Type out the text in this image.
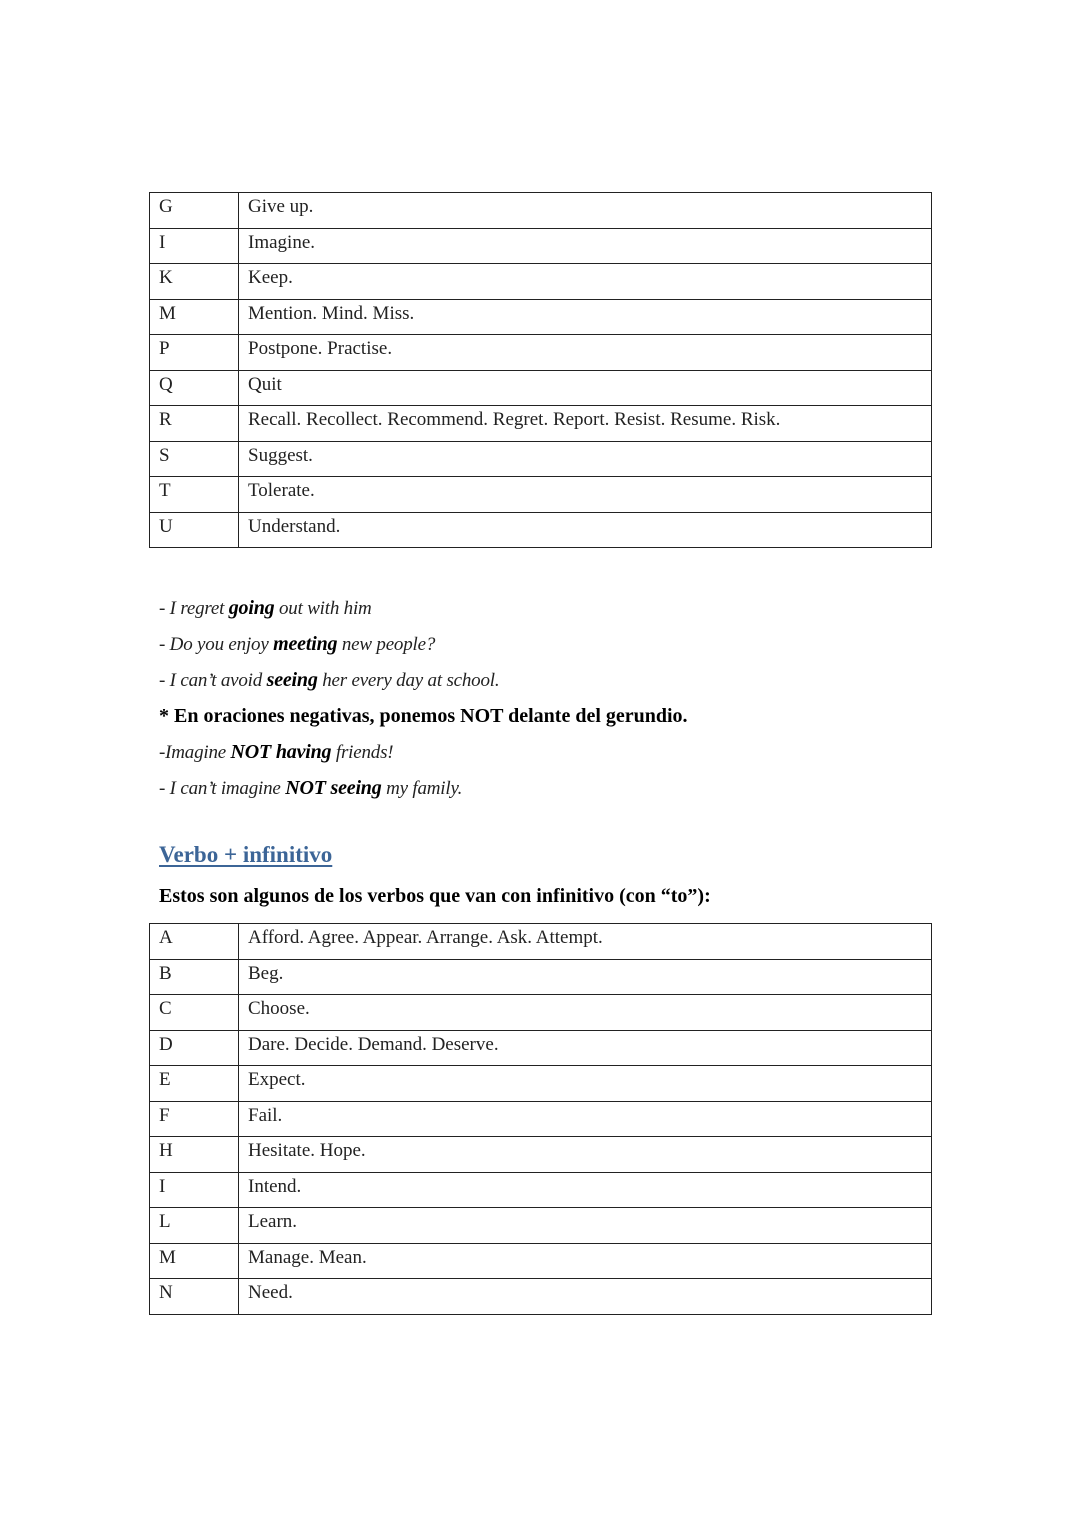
G	Give up.
I	Imagine.
K	Keep.
M	Mention. Mind. Miss.
P	Postpone. Practise.
Q	Quit
R	Recall. Recollect. Recommend. Regret. Report. Resist. Resume. Risk.
S	Suggest.
T	Tolerate.
U	Understand.
- I regret going out with him
- Do you enjoy meeting new people?
- I can’t avoid seeing her every day at school.
* En oraciones negativas, ponemos NOT delante del gerundio.
-Imagine NOT having friends!
- I can’t imagine NOT seeing my family.
Verbo + infinitivo
Estos son algunos de los verbos que van con infinitivo (con “to”):
A	Afford. Agree. Appear. Arrange. Ask. Attempt.
B	Beg.
C	Choose.
D	Dare. Decide. Demand. Deserve.
E	Expect.
F	Fail.
H	Hesitate. Hope.
I	Intend.
L	Learn.
M	Manage. Mean.
N	Need.
